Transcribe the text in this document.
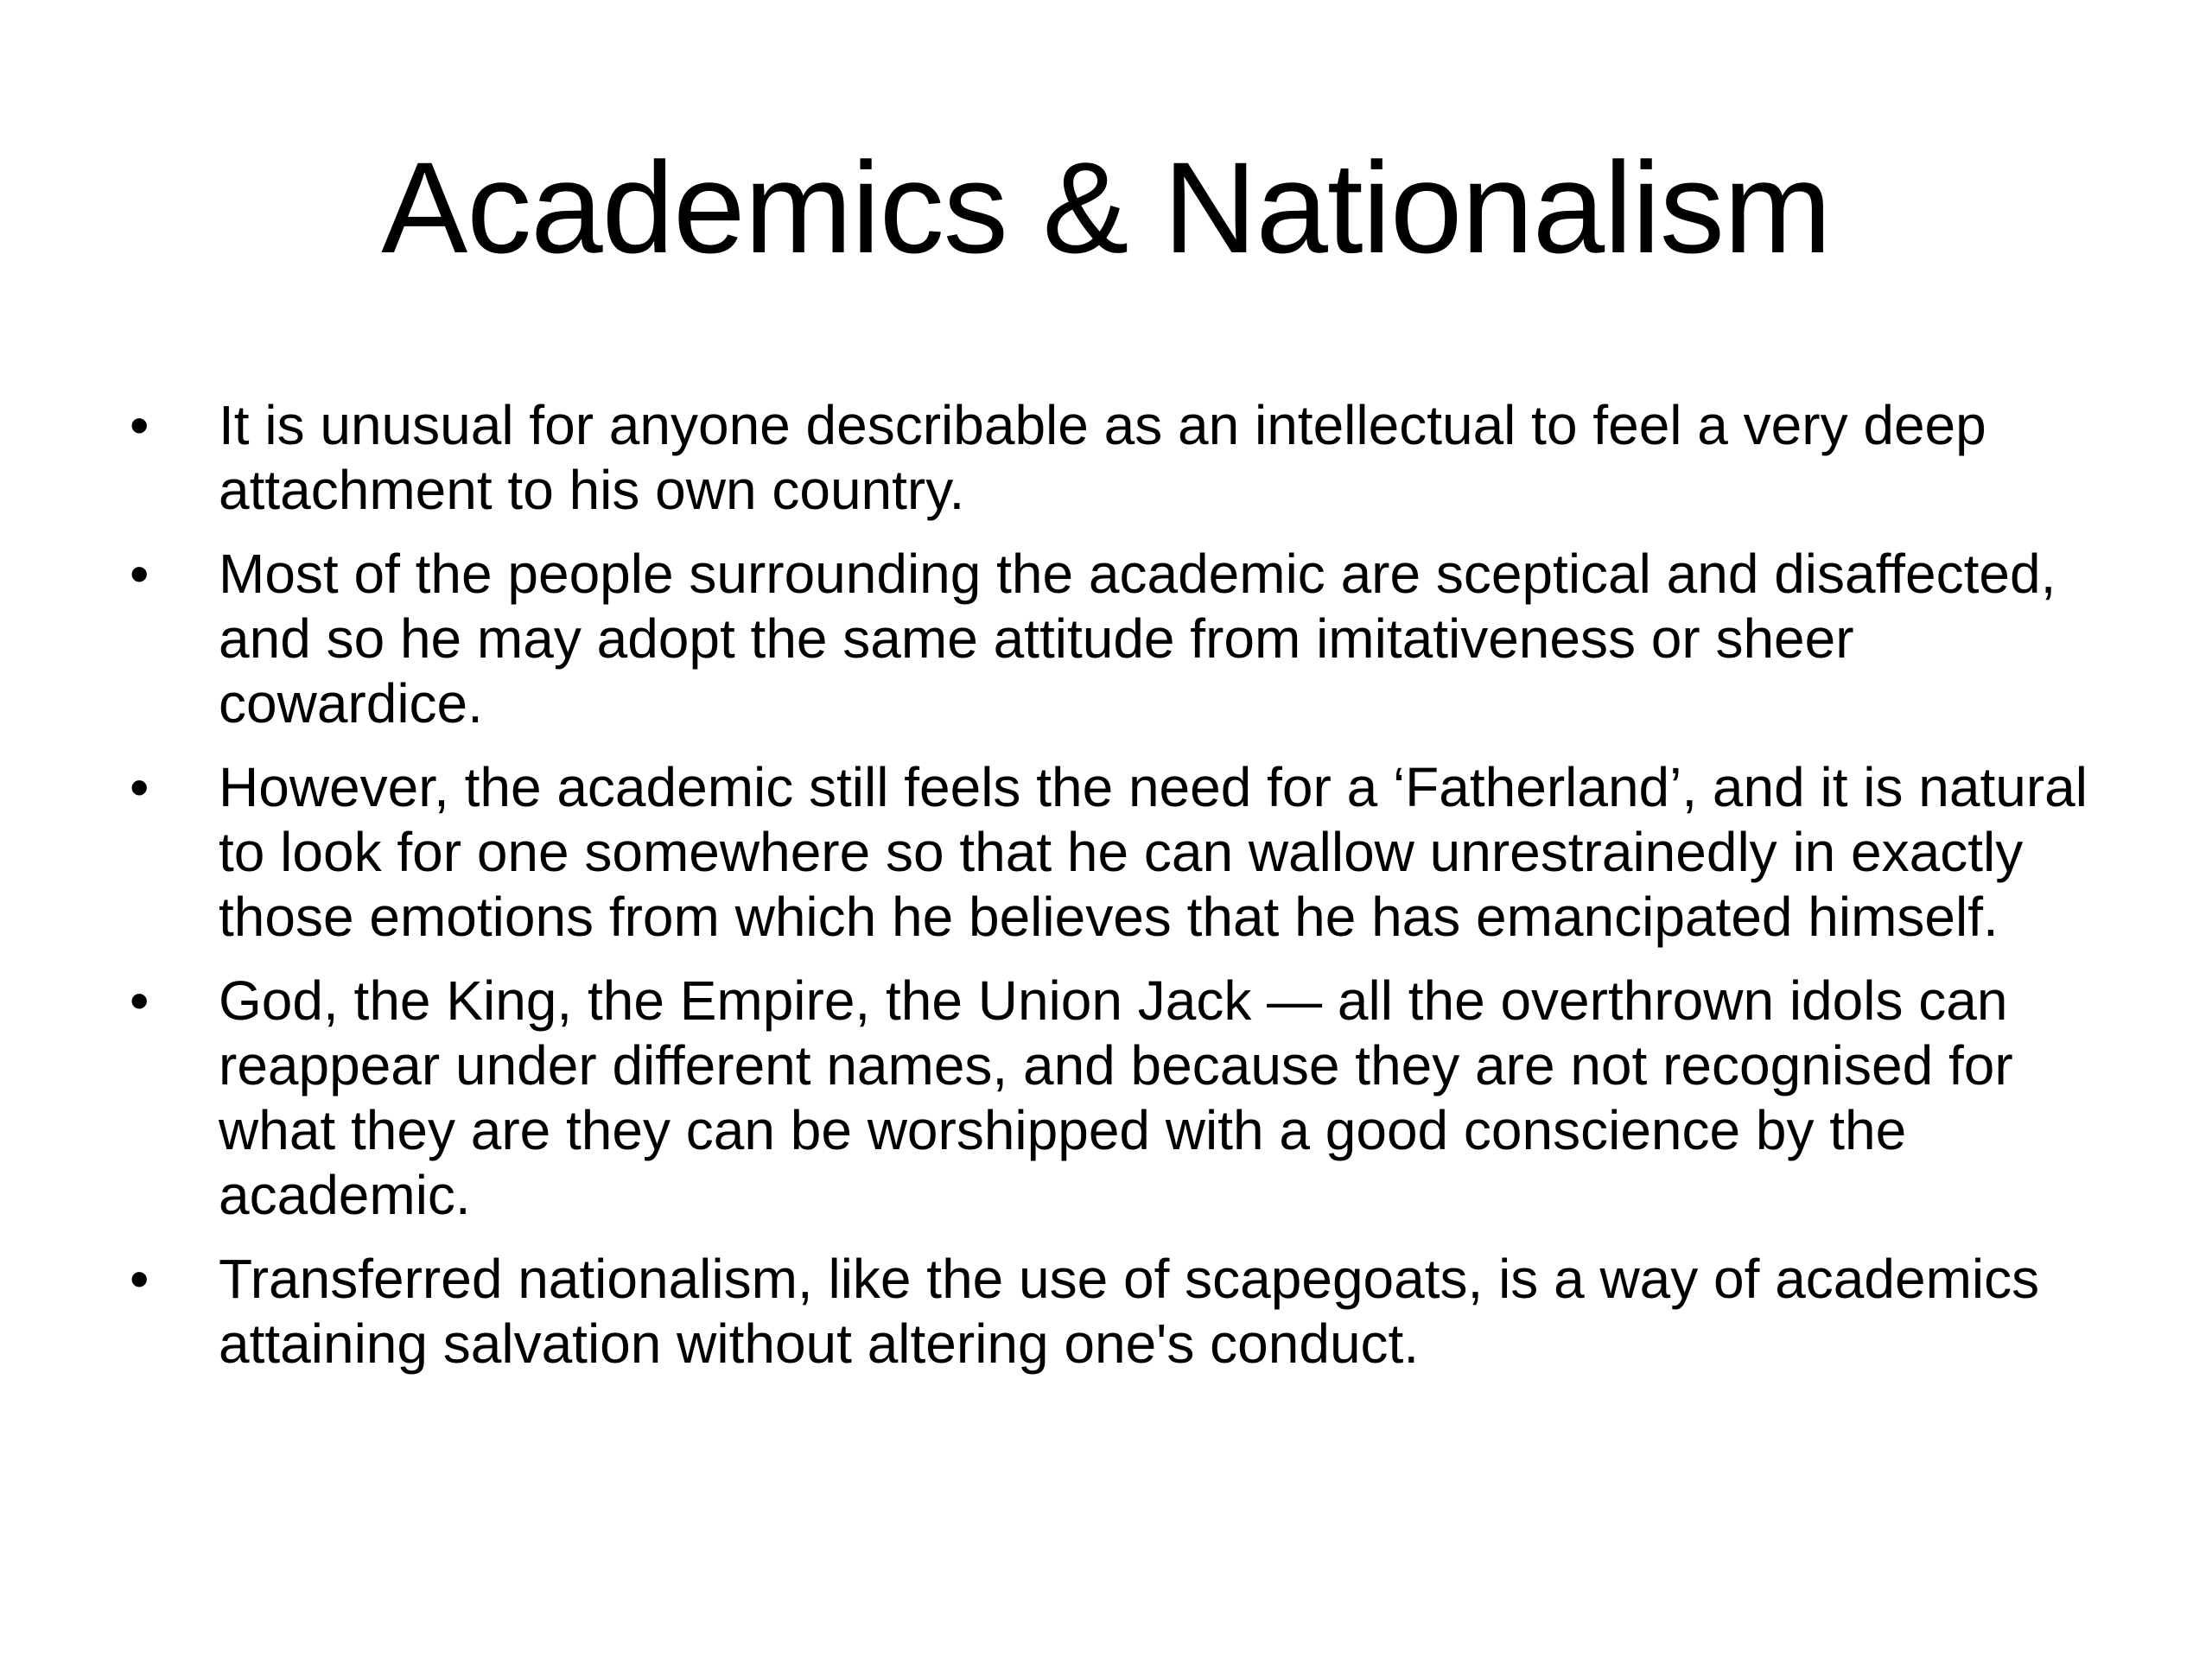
Academics & Nationalism
• It is unusual for anyone describable as an intellectual to feel a very deep attachment to his own country.
• Most of the people surrounding the academic are sceptical and disaffected, and so he may adopt the same attitude from imitativeness or sheer cowardice.
• However, the academic still feels the need for a ‘Fatherland’, and it is natural to look for one somewhere so that he can wallow unrestrainedly in exactly those emotions from which he believes that he has emancipated himself.
• God, the King, the Empire, the Union Jack — all the overthrown idols can reappear under different names, and because they are not recognised for what they are they can be worshipped with a good conscience by the academic.
• Transferred nationalism, like the use of scapegoats, is a way of academics attaining salvation without altering one's conduct.
